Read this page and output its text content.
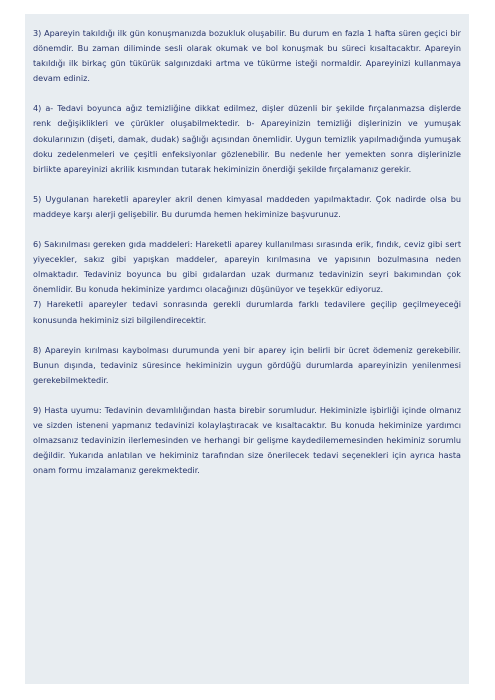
3) Apareyin takıldığı ilk gün konuşmanızda bozukluk oluşabilir. Bu durum en fazla 1 hafta süren geçici bir dönemdir. Bu zaman diliminde sesli olarak okumak ve bol konuşmak bu süreci kısaltacaktır. Apareyin takıldığı ilk birkaç gün tükürük salgınızdaki artma ve tükürme isteği normaldir. Apareyinizi kullanmaya devam ediniz.

4) a- Tedavi boyunca ağız temizliğine dikkat edilmez, dişler düzenli bir şekilde fırçalanmazsa dişlerde renk değişiklikleri ve çürükler oluşabilmektedir. b- Apareyinizin temizliği dişlerinizin ve yumuşak dokularınızın (dişeti, damak, dudak) sağlığı açısından önemlidir. Uygun temizlik yapılmadığında yumuşak doku zedelenmeleri ve çeşitli enfeksiyonlar gözlenebilir. Bu nedenle her yemekten sonra dişlerinizle birlikte apareyinizi akrilik kısmından tutarak hekiminizin önerdiği şekilde fırçalamanız gerekir.

5) Uygulanan hareketli apareyler akril denen kimyasal maddeden yapılmaktadır. Çok nadirde olsa bu maddeye karşı alerji gelişebilir. Bu durumda hemen hekiminize başvurunuz.

6) Sakınılması gereken gıda maddeleri: Hareketli aparey kullanılması sırasında erik, fındık, ceviz gibi sert yiyecekler, sakız gibi yapışkan maddeler, apareyin kırılmasına ve yapısının bozulmasına neden olmaktadır. Tedaviniz boyunca bu gibi gıdalardan uzak durmanız tedavinizin seyri bakımından çok önemlidir. Bu konuda hekiminize yardımcı olacağınızı düşünüyor ve teşekkür ediyoruz.

7) Hareketli apareyler tedavi sonrasında gerekli durumlarda farklı tedavilere geçilip geçilmeyeceği konusunda hekiminiz sizi bilgilendirecektir.

8) Apareyin kırılması kaybolması durumunda yeni bir aparey için belirli bir ücret ödemeniz gerekebilir. Bunun dışında, tedaviniz süresince hekiminizin uygun gördüğü durumlarda apareyinizin yenilenmesi gerekebilmektedir.

9) Hasta uyumu: Tedavinin devamlılığından hasta birebir sorumludur. Hekiminizle işbirliği içinde olmanız ve sizden isteneni yapmanız tedavinizi kolaylaştıracak ve kısaltacaktır. Bu konuda hekiminize yardımcı olmazsanız tedavinizin ilerlemesinden ve herhangi bir gelişme kaydedilememesinden hekiminiz sorumlu değildir. Yukarıda anlatılan ve hekiminiz tarafından size önerilecek tedavi seçenekleri için ayrıca hasta onam formu imzalamanız gerekmektedir.
